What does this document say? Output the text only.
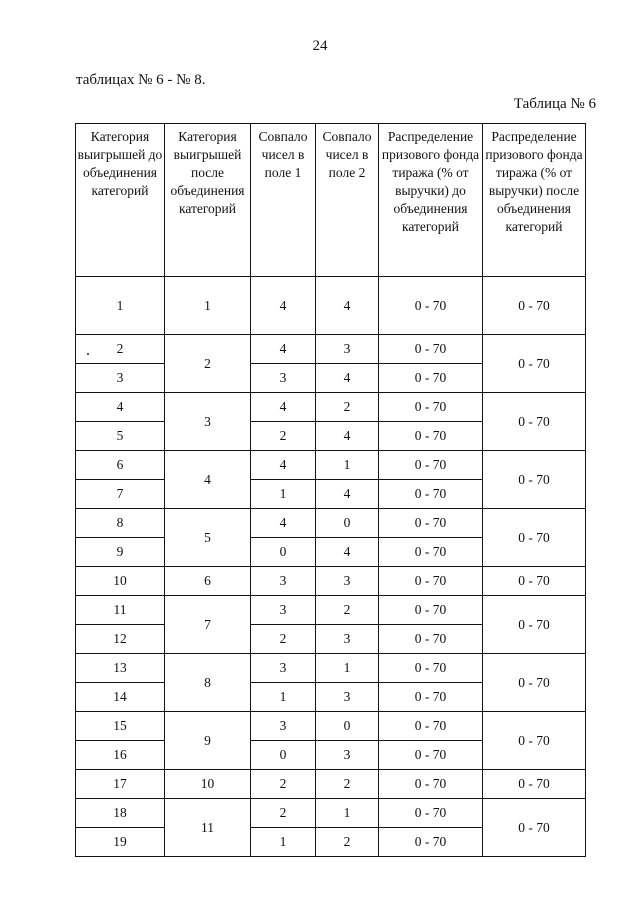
24
таблицах № 6 - № 8.
Таблица № 6
Категория выигрышей до объединения категорий	Категория выигрышей после объединения категорий	Совпало чисел в поле 1	Совпало чисел в поле 2	Распределение призового фонда тиража (% от выручки) до объединения категорий	Распределение призового фонда тиража (% от выручки) после объединения категорий
1	1	4	4	0 - 70	0 - 70
2	2	4	3	0 - 70	0 - 70
3		3	4	0 - 70	
4	3	4	2	0 - 70	0 - 70
5		2	4	0 - 70	
6	4	4	1	0 - 70	0 - 70
7		1	4	0 - 70	
8	5	4	0	0 - 70	0 - 70
9		0	4	0 - 70	
10	6	3	3	0 - 70	0 - 70
11	7	3	2	0 - 70	0 - 70
12		2	3	0 - 70	
13	8	3	1	0 - 70	0 - 70
14		1	3	0 - 70	
15	9	3	0	0 - 70	0 - 70
16		0	3	0 - 70	
17	10	2	2	0 - 70	0 - 70
18	11	2	1	0 - 70	0 - 70
19		1	2	0 - 70	
